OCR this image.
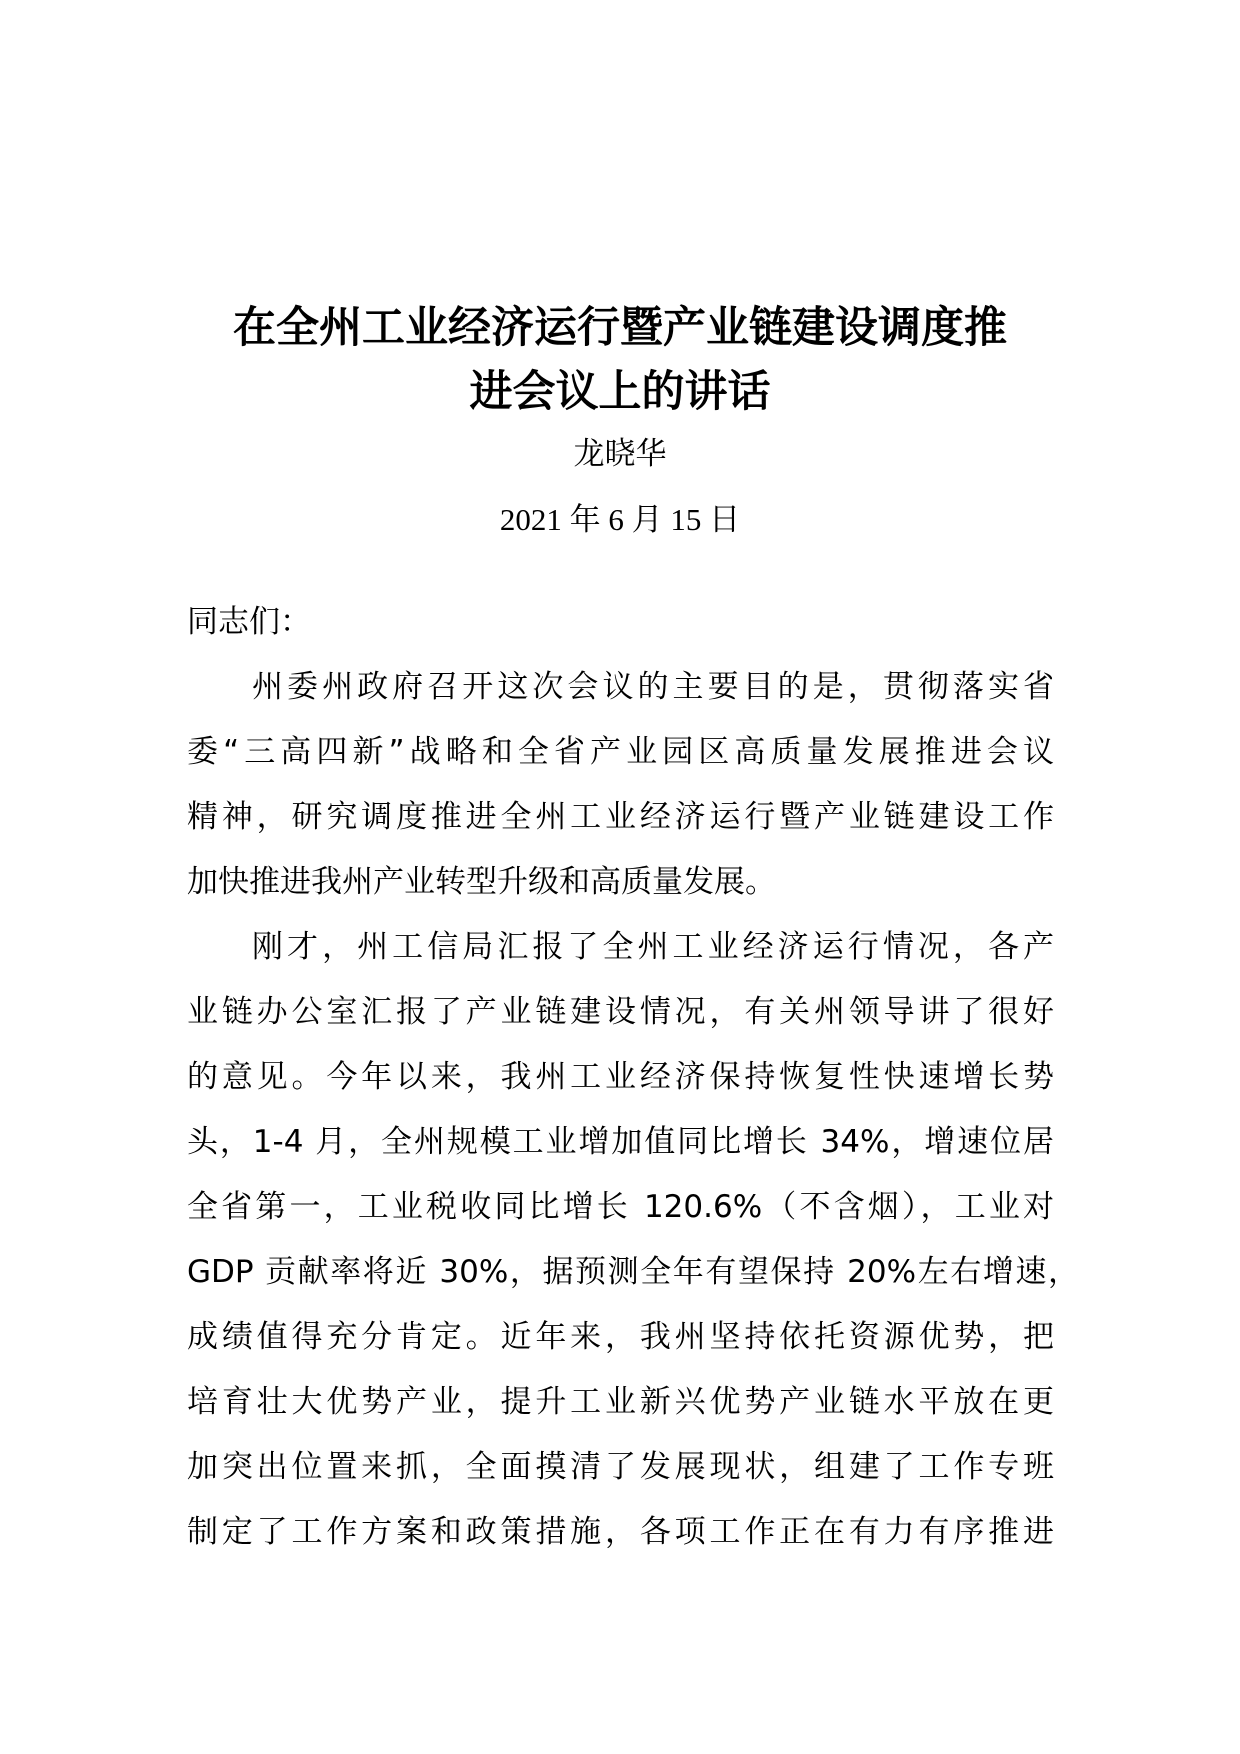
在全州工业经济运行暨产业链建设调度推
进会议上的讲话
龙晓华
2021 年 6 月 15 日
同志们：
州委州政府召开这次会议的主要目的是，贯彻落实省
委“三高四新”战略和全省产业园区高质量发展推进会议
精神，研究调度推进全州工业经济运行暨产业链建设工作
加快推进我州产业转型升级和高质量发展。
刚才，州工信局汇报了全州工业经济运行情况，各产
业链办公室汇报了产业链建设情况，有关州领导讲了很好
的意见。今年以来，我州工业经济保持恢复性快速增长势
头，1-4 月，全州规模工业增加值同比增长 34%，增速位居
全省第一，工业税收同比增长 120.6%（不含烟），工业对
GDP 贡献率将近 30%，据预测全年有望保持 20%左右增速，
成绩值得充分肯定。近年来，我州坚持依托资源优势，把
培育壮大优势产业，提升工业新兴优势产业链水平放在更
加突出位置来抓，全面摸清了发展现状，组建了工作专班
制定了工作方案和政策措施，各项工作正在有力有序推进
